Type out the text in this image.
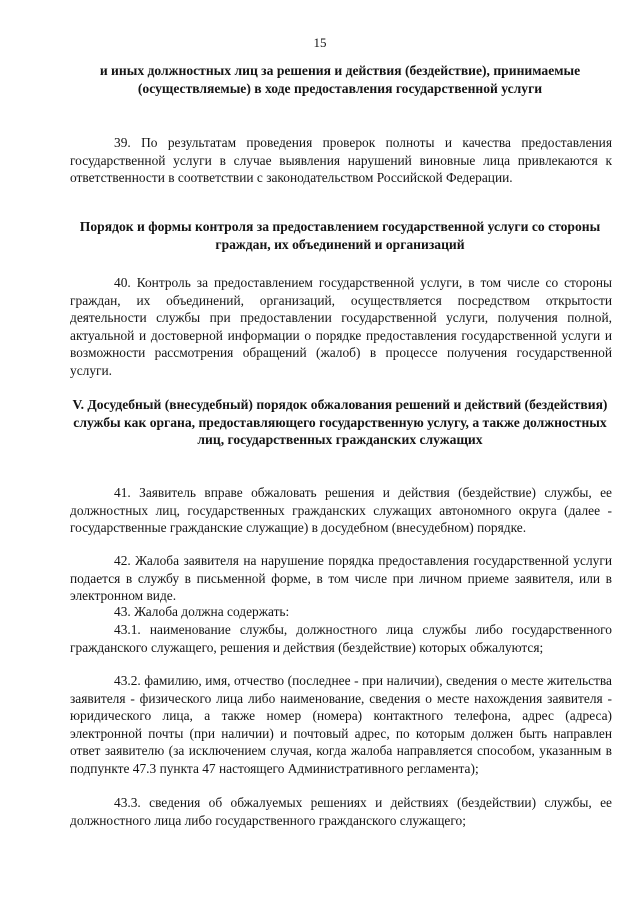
15
и иных должностных лиц за решения и действия (бездействие), принимаемые (осуществляемые) в ходе предоставления государственной услуги
39. По результатам проведения проверок полноты и качества предоставления государственной услуги в случае выявления нарушений виновные лица привлекаются к ответственности в соответствии с законодательством Российской Федерации.
Порядок и формы контроля за предоставлением государственной услуги со стороны граждан, их объединений и организаций
40. Контроль за предоставлением государственной услуги, в том числе со стороны граждан, их объединений, организаций, осуществляется посредством открытости деятельности службы при предоставлении государственной услуги, получения полной, актуальной и достоверной информации о порядке предоставления государственной услуги и возможности рассмотрения обращений (жалоб) в процессе получения государственной услуги.
V. Досудебный (внесудебный) порядок обжалования решений и действий (бездействия) службы как органа, предоставляющего государственную услугу, а также должностных лиц, государственных гражданских служащих
41. Заявитель вправе обжаловать решения и действия (бездействие) службы, ее должностных лиц, государственных гражданских служащих автономного округа (далее - государственные гражданские служащие) в досудебном (внесудебном) порядке.
42. Жалоба заявителя на нарушение порядка предоставления государственной услуги подается в службу в письменной форме, в том числе при личном приеме заявителя, или в электронном виде.
43. Жалоба должна содержать:
43.1. наименование службы, должностного лица службы либо государственного гражданского служащего, решения и действия (бездействие) которых обжалуются;
43.2. фамилию, имя, отчество (последнее - при наличии), сведения о месте жительства заявителя - физического лица либо наименование, сведения о месте нахождения заявителя - юридического лица, а также номер (номера) контактного телефона, адрес (адреса) электронной почты (при наличии) и почтовый адрес, по которым должен быть направлен ответ заявителю (за исключением случая, когда жалоба направляется способом, указанным в подпункте 47.3 пункта 47 настоящего Административного регламента);
43.3. сведения об обжалуемых решениях и действиях (бездействии) службы, ее должностного лица либо государственного гражданского служащего;
